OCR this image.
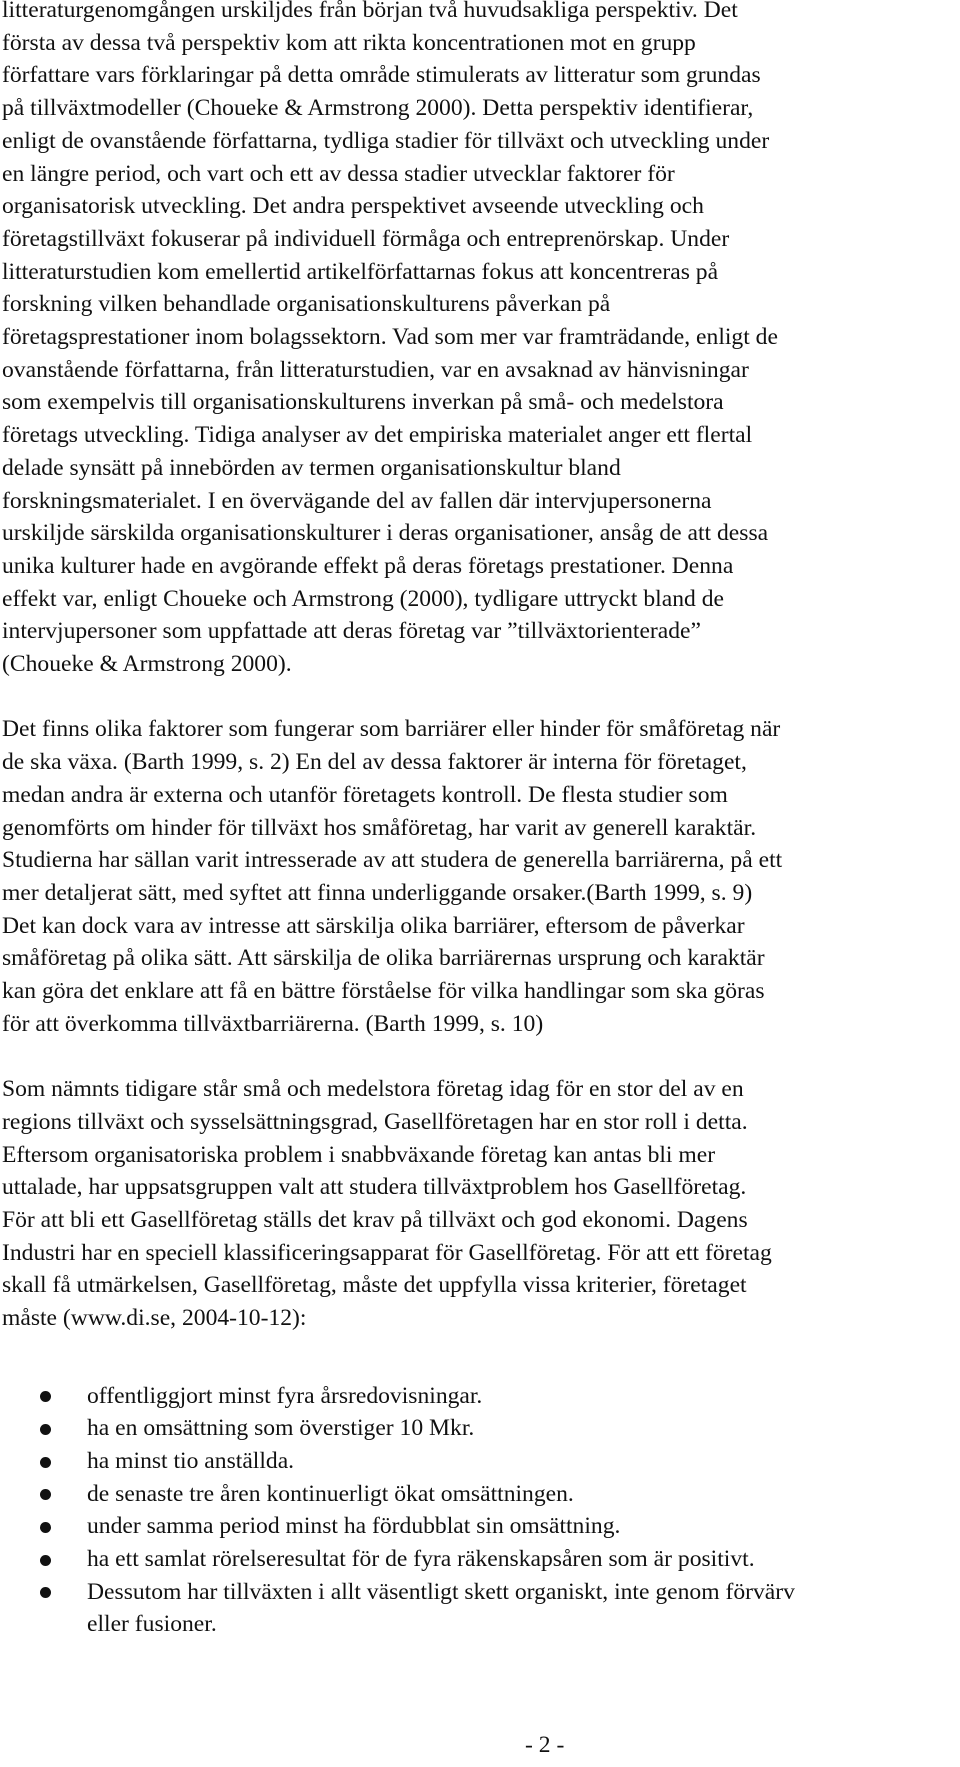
litteraturgenomgången urskiljdes från början två huvudsakliga perspektiv. Det
första av dessa två perspektiv kom att rikta koncentrationen mot en grupp
författare vars förklaringar på detta område stimulerats av litteratur som grundas
på tillväxtmodeller (Choueke & Armstrong 2000). Detta perspektiv identifierar,
enligt de ovanstående författarna, tydliga stadier för tillväxt och utveckling under
en längre period, och vart och ett av dessa stadier utvecklar faktorer för
organisatorisk utveckling. Det andra perspektivet avseende utveckling och
företagstillväxt fokuserar på individuell förmåga och entreprenörskap. Under
litteraturstudien kom emellertid artikelförfattarnas fokus att koncentreras på
forskning vilken behandlade organisationskulturens påverkan på
företagsprestationer inom bolagssektorn. Vad som mer var framträdande, enligt de
ovanstående författarna, från litteraturstudien, var en avsaknad av hänvisningar
som exempelvis till organisationskulturens inverkan på små- och medelstora
företags utveckling. Tidiga analyser av det empiriska materialet anger ett flertal
delade synsätt på innebörden av termen organisationskultur bland
forskningsmaterialet. I en övervägande del av fallen där intervjupersonerna
urskiljde särskilda organisationskulturer i deras organisationer, ansåg de att dessa
unika kulturer hade en avgörande effekt på deras företags prestationer. Denna
effekt var, enligt Choueke och Armstrong (2000), tydligare uttryckt bland de
intervjupersoner som uppfattade att deras företag var ”tillväxtorienterade”
(Choueke & Armstrong 2000).
Det finns olika faktorer som fungerar som barriärer eller hinder för småföretag när
de ska växa. (Barth 1999, s. 2) En del av dessa faktorer är interna för företaget,
medan andra är externa och utanför företagets kontroll. De flesta studier som
genomförts om hinder för tillväxt hos småföretag, har varit av generell karaktär.
Studierna har sällan varit intresserade av att studera de generella barriärerna, på ett
mer detaljerat sätt, med syftet att finna underliggande orsaker.(Barth 1999, s. 9)
Det kan dock vara av intresse att särskilja olika barriärer, eftersom de påverkar
småföretag på olika sätt. Att särskilja de olika barriärernas ursprung och karaktär
kan göra det enklare att få en bättre förståelse för vilka handlingar som ska göras
för att överkomma tillväxtbarriärerna. (Barth 1999, s. 10)
Som nämnts tidigare står små och medelstora företag idag för en stor del av en
regions tillväxt och sysselsättningsgrad, Gasellföretagen har en stor roll i detta.
Eftersom organisatoriska problem i snabbväxande företag kan antas bli mer
uttalade, har uppsatsgruppen valt att studera tillväxtproblem hos Gasellföretag.
För att bli ett Gasellföretag ställs det krav på tillväxt och god ekonomi. Dagens
Industri har en speciell klassificeringsapparat för Gasellföretag. För att ett företag
skall få utmärkelsen, Gasellföretag, måste det uppfylla vissa kriterier, företaget
måste (www.di.se, 2004-10-12):
offentliggjort minst fyra årsredovisningar.
ha en omsättning som överstiger 10 Mkr.
ha minst tio anställda.
de senaste tre åren kontinuerligt ökat omsättningen.
under samma period minst ha fördubblat sin omsättning.
ha ett samlat rörelseresultat för de fyra räkenskapsåren som är positivt.
Dessutom har tillväxten i allt väsentligt skett organiskt, inte genom förvärv
eller fusioner.
- 2 -
